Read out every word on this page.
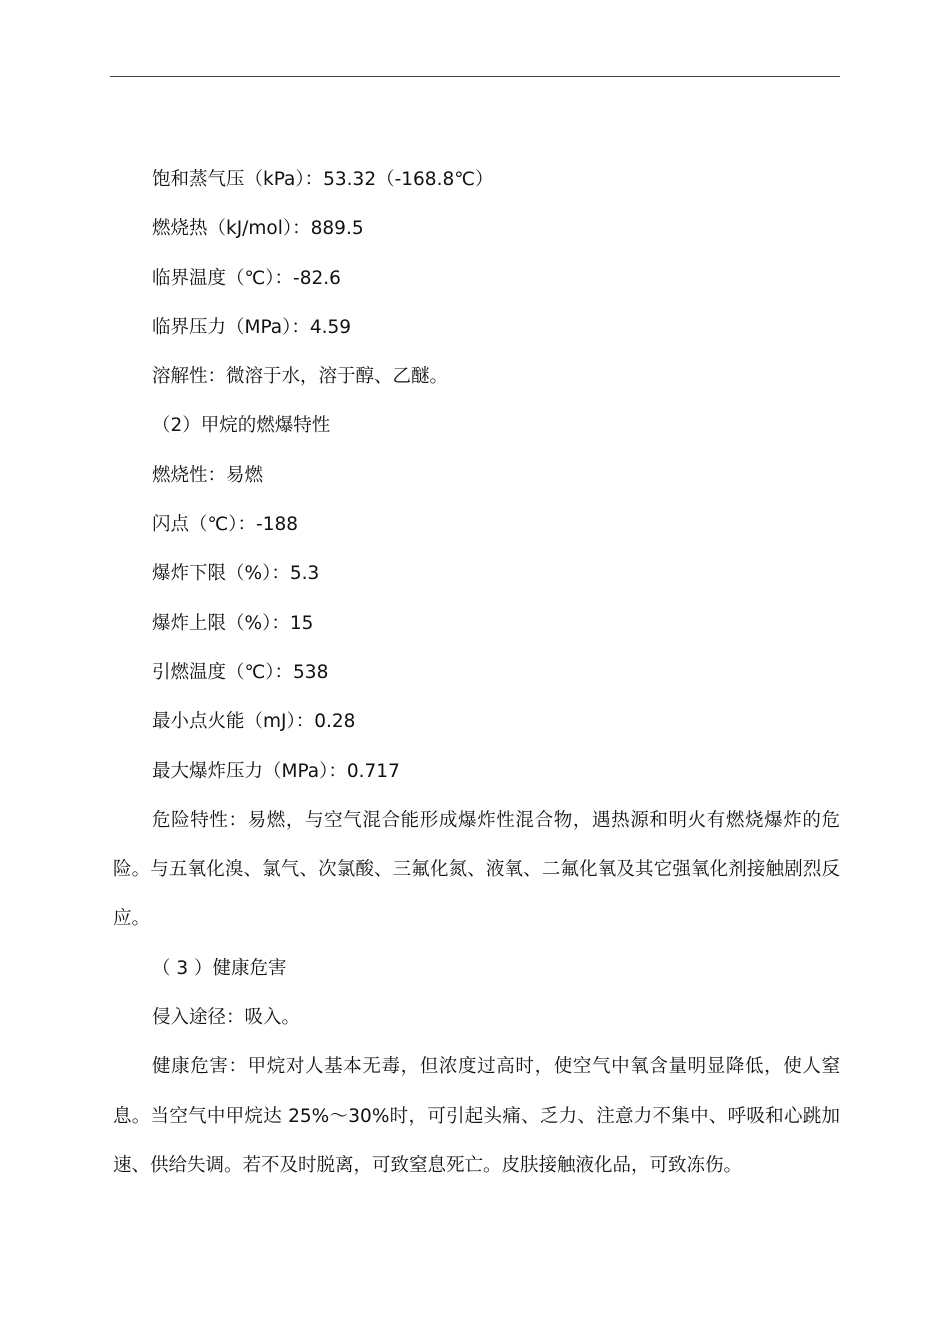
饱和蒸气压（kPa）：53.32（-168.8℃）
燃烧热（kJ/mol）：889.5
临界温度（℃）：-82.6
临界压力（MPa）：4.59
溶解性：微溶于水，溶于醇、乙醚。
（2）甲烷的燃爆特性
燃烧性：易燃
闪点（℃）：-188
爆炸下限（%）：5.3
爆炸上限（%）：15
引燃温度（℃）：538
最小点火能（mJ）：0.28
最大爆炸压力（MPa）：0.717

危险特性：易燃，与空气混合能形成爆炸性混合物，遇热源和明火有燃烧爆炸的危险。与五氧化溴、氯气、次氯酸、三氟化氮、液氧、二氟化氧及其它强氧化剂接触剧烈反应。

（ 3 ）健康危害
侵入途径：吸入。

健康危害：甲烷对人基本无毒，但浓度过高时，使空气中氧含量明显降低，使人窒息。当空气中甲烷达 25%～30%时，可引起头痛、乏力、注意力不集中、呼吸和心跳加速、供给失调。若不及时脱离，可致窒息死亡。皮肤接触液化品，可致冻伤。
